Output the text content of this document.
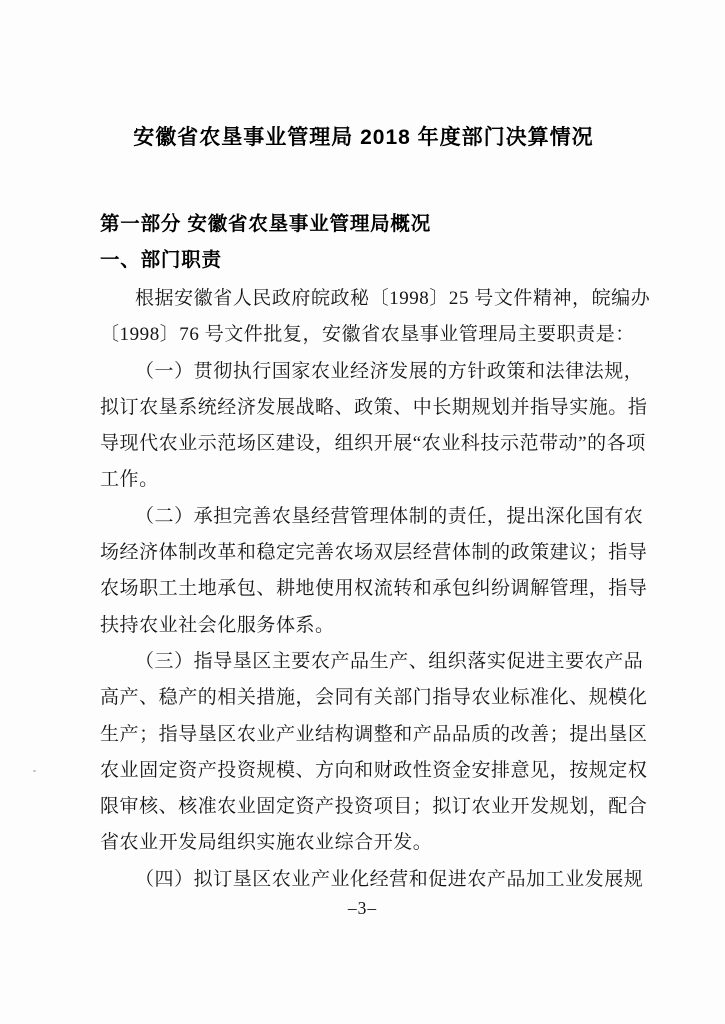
安徽省农垦事业管理局 2018 年度部门决算情况
第一部分 安徽省农垦事业管理局概况
一、部门职责
根据安徽省人民政府皖政秘〔1998〕25 号文件精神，皖编办
〔1998〕76 号文件批复，安徽省农垦事业管理局主要职责是：
（一）贯彻执行国家农业经济发展的方针政策和法律法规，
拟订农垦系统经济发展战略、政策、中长期规划并指导实施。指
导现代农业示范场区建设，组织开展“农业科技示范带动”的各项
工作。
（二）承担完善农垦经营管理体制的责任，提出深化国有农
场经济体制改革和稳定完善农场双层经营体制的政策建议；指导
农场职工土地承包、耕地使用权流转和承包纠纷调解管理，指导
扶持农业社会化服务体系。
（三）指导垦区主要农产品生产、组织落实促进主要农产品
高产、稳产的相关措施，会同有关部门指导农业标准化、规模化
生产；指导垦区农业产业结构调整和产品品质的改善；提出垦区
农业固定资产投资规模、方向和财政性资金安排意见，按规定权
限审核、核准农业固定资产投资项目；拟订农业开发规划，配合
省农业开发局组织实施农业综合开发。
（四）拟订垦区农业产业化经营和促进农产品加工业发展规
–3–
